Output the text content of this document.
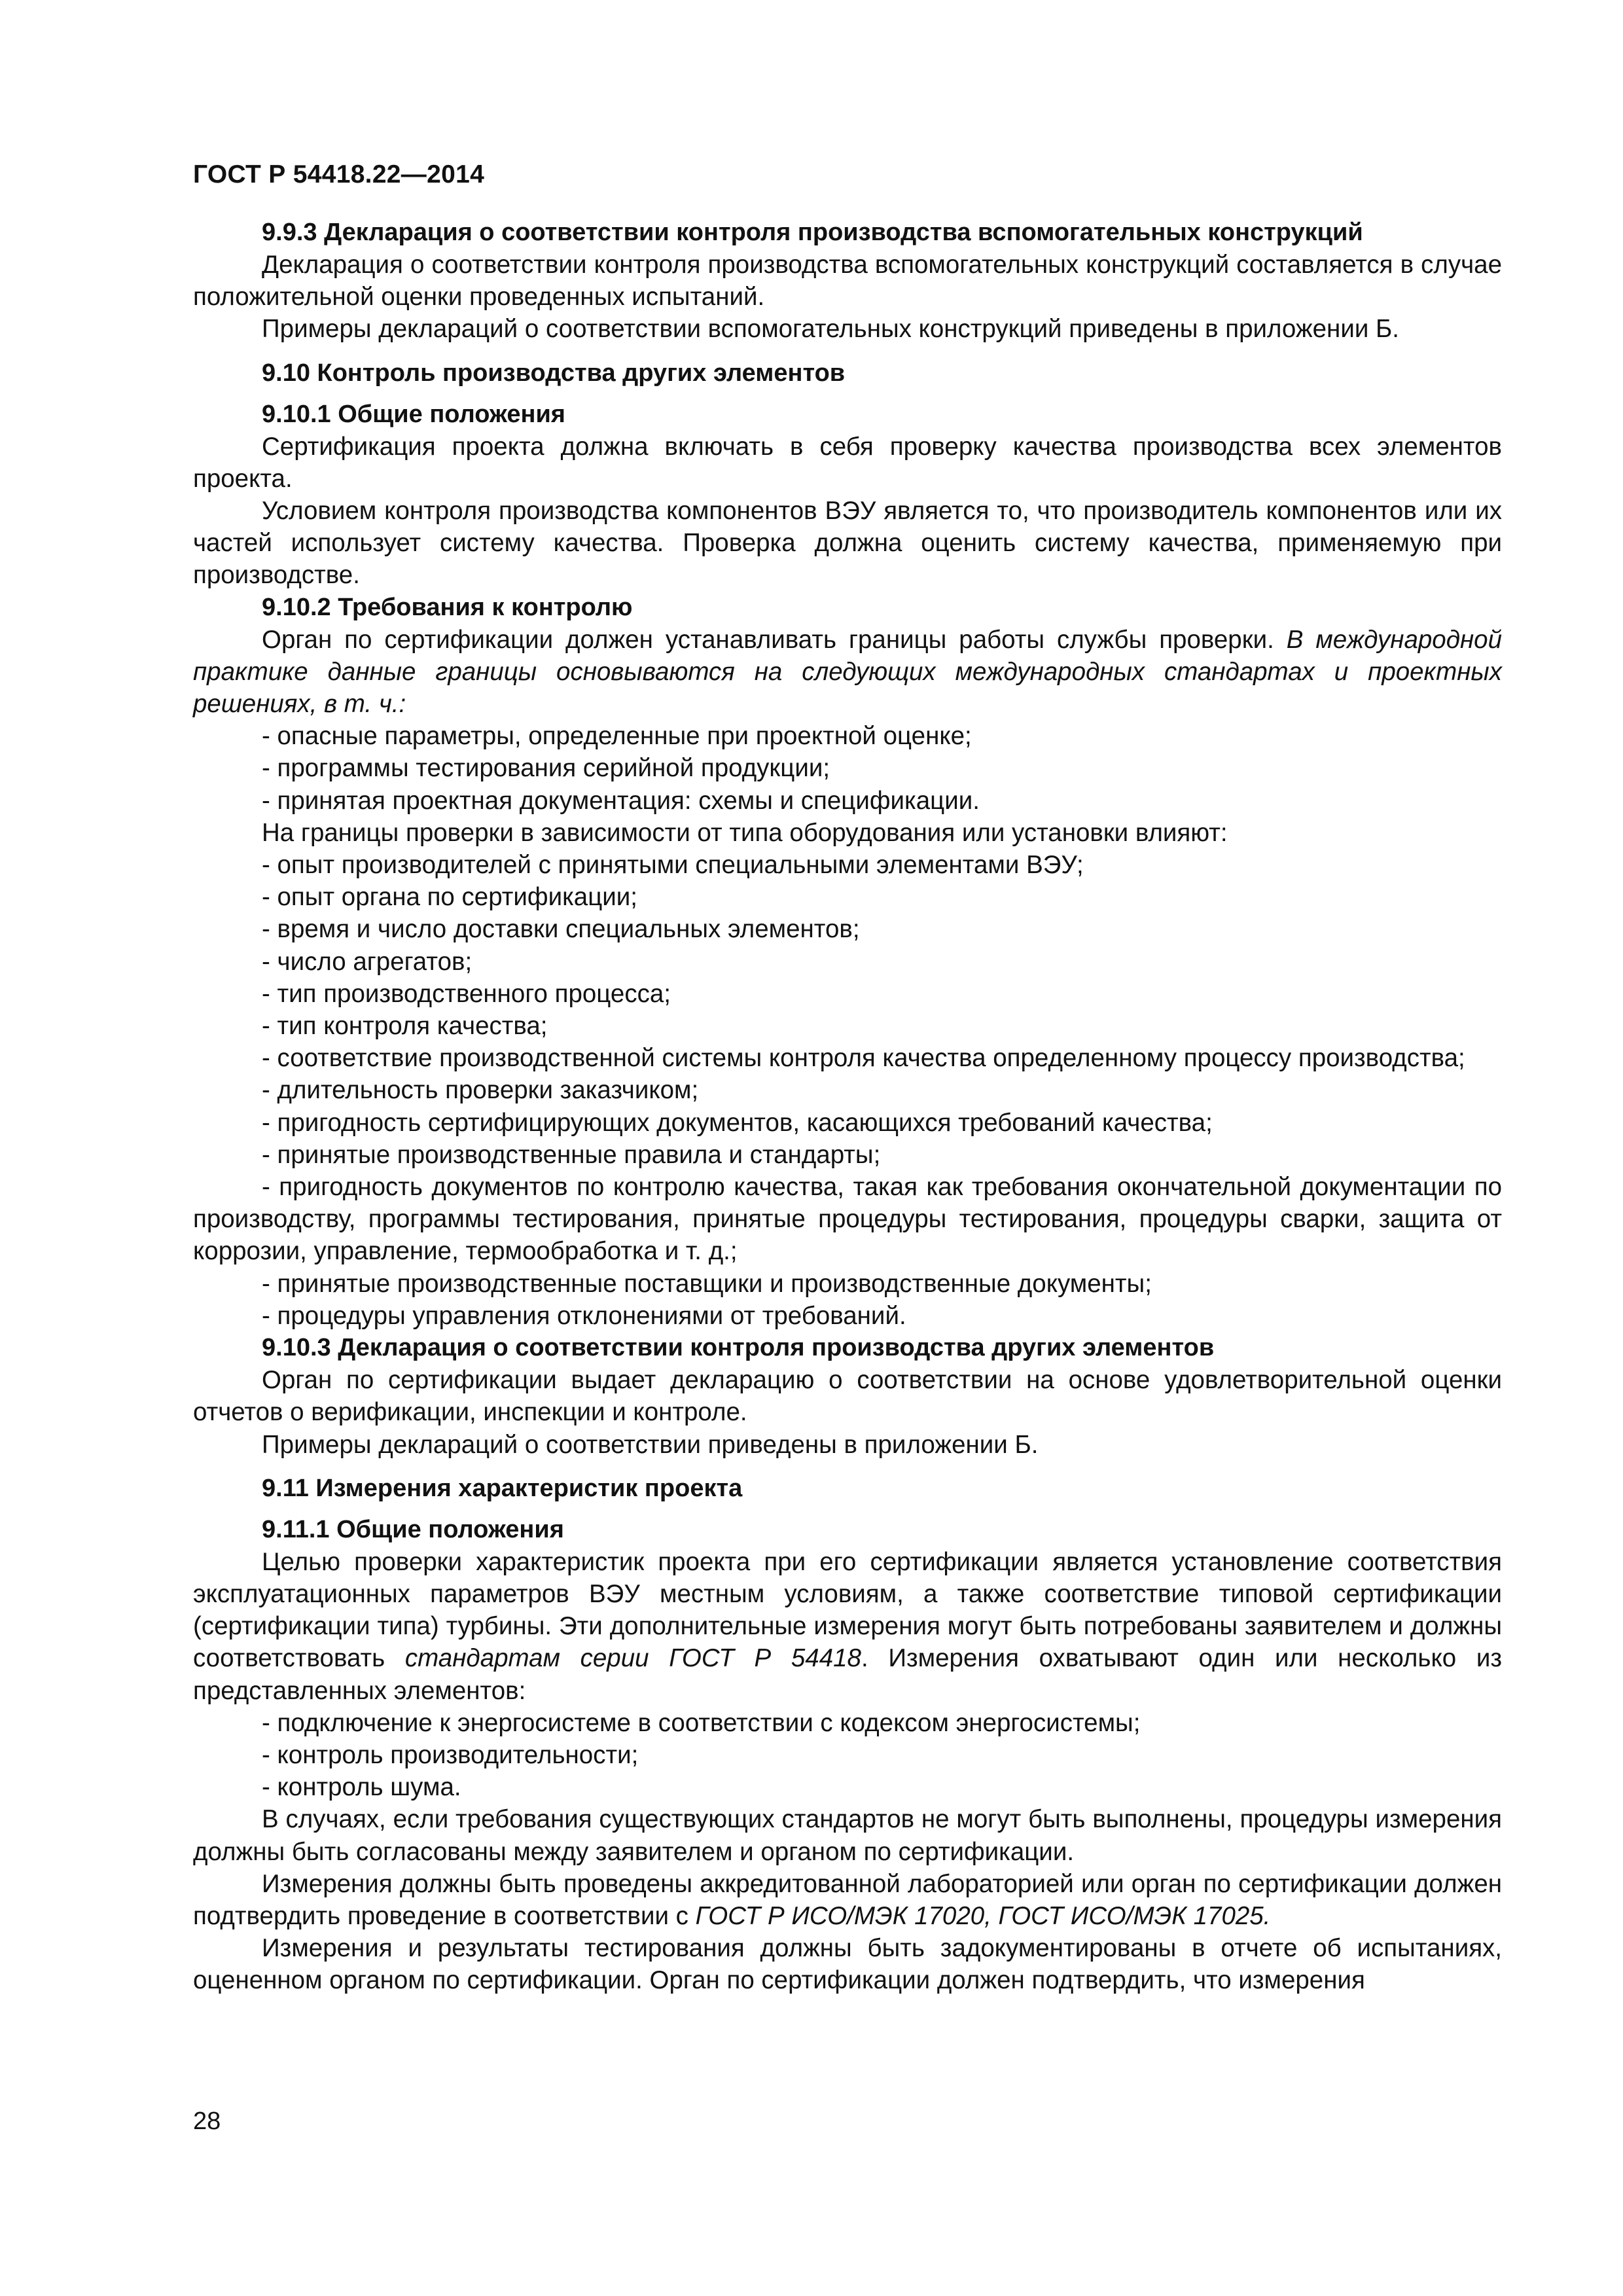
ГОСТ Р 54418.22—2014
9.9.3 Декларация о соответствии контроля производства вспомогательных конструкций
Декларация о соответствии контроля производства вспомогательных конструкций составляется в случае положительной оценки проведенных испытаний.
Примеры деклараций о соответствии вспомогательных конструкций приведены в приложении Б.
9.10 Контроль производства других элементов
9.10.1 Общие положения
Сертификация проекта должна включать в себя проверку качества производства всех элементов проекта.
Условием контроля производства компонентов ВЭУ является то, что производитель компонентов или их частей использует систему качества. Проверка должна оценить систему качества, применяемую при производстве.
9.10.2 Требования к контролю
Орган по сертификации должен устанавливать границы работы службы проверки. В международной практике данные границы основываются на следующих международных стандартах и проектных решениях, в т. ч.:
- опасные параметры, определенные при проектной оценке;
- программы тестирования серийной продукции;
- принятая проектная документация: схемы и спецификации.
На границы проверки в зависимости от типа оборудования или установки влияют:
- опыт производителей с принятыми специальными элементами ВЭУ;
- опыт органа по сертификации;
- время и число доставки специальных элементов;
- число агрегатов;
- тип производственного процесса;
- тип контроля качества;
- соответствие производственной системы контроля качества определенному процессу производства;
- длительность проверки заказчиком;
- пригодность сертифицирующих документов, касающихся требований качества;
- принятые производственные правила и стандарты;
- пригодность документов по контролю качества, такая как требования окончательной документации по производству, программы тестирования, принятые процедуры тестирования, процедуры сварки, защита от коррозии, управление, термообработка и т. д.;
- принятые производственные поставщики и производственные документы;
- процедуры управления отклонениями от требований.
9.10.3 Декларация о соответствии контроля производства других элементов
Орган по сертификации выдает декларацию о соответствии на основе удовлетворительной оценки отчетов о верификации, инспекции и контроле.
Примеры деклараций о соответствии приведены в приложении Б.
9.11 Измерения характеристик проекта
9.11.1 Общие положения
Целью проверки характеристик проекта при его сертификации является установление соответствия эксплуатационных параметров ВЭУ местным условиям, а также соответствие типовой сертификации (сертификации типа) турбины. Эти дополнительные измерения могут быть потребованы заявителем и должны соответствовать стандартам серии ГОСТ Р 54418. Измерения охватывают один или несколько из представленных элементов:
- подключение к энергосистеме в соответствии с кодексом энергосистемы;
- контроль производительности;
- контроль шума.
В случаях, если требования существующих стандартов не могут быть выполнены, процедуры измерения должны быть согласованы между заявителем и органом по сертификации.
Измерения должны быть проведены аккредитованной лабораторией или орган по сертификации должен подтвердить проведение в соответствии с ГОСТ Р ИСО/МЭК 17020, ГОСТ ИСО/МЭК 17025.
Измерения и результаты тестирования должны быть задокументированы в отчете об испытаниях, оцененном органом по сертификации. Орган по сертификации должен подтвердить, что измерения
28
